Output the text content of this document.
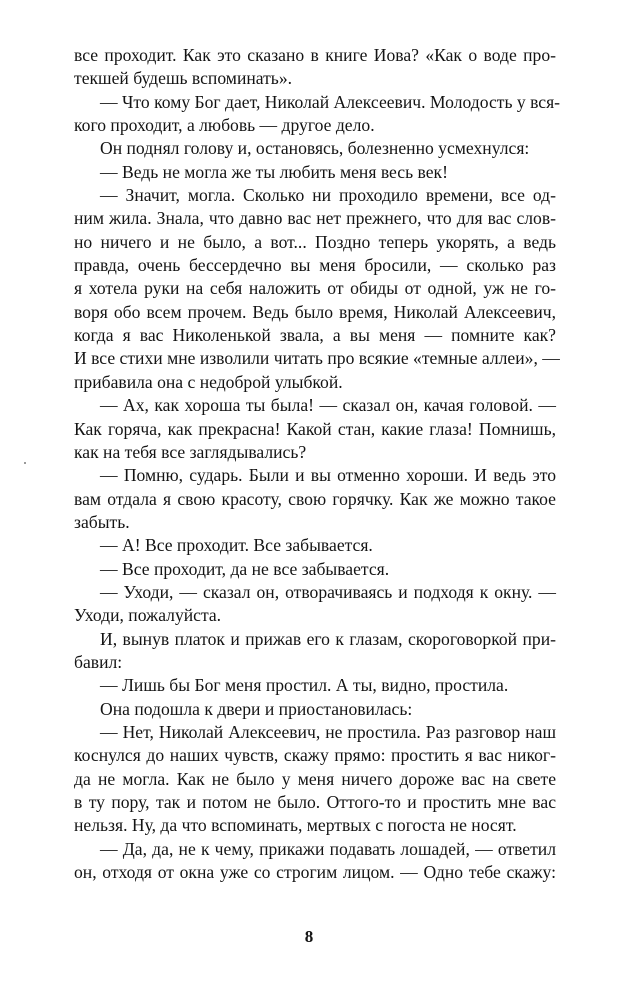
все проходит. Как это сказано в книге Иова? «Как о воде про-
текшей будешь вспоминать».
— Что кому Бог дает, Николай Алексеевич. Молодость у вся-
кого проходит, а любовь — другое дело.
Он поднял голову и, остановясь, болезненно усмехнулся:
— Ведь не могла же ты любить меня весь век!
— Значит, могла. Сколько ни проходило времени, все од-
ним жила. Знала, что давно вас нет прежнего, что для вас слов-
но ничего и не было, а вот... Поздно теперь укорять, а ведь
правда, очень бессердечно вы меня бросили, — сколько раз
я хотела руки на себя наложить от обиды от одной, уж не го-
воря обо всем прочем. Ведь было время, Николай Алексеевич,
когда я вас Николенькой звала, а вы меня — помните как?
И все стихи мне изволили читать про всякие «темные аллеи», —
прибавила она с недоброй улыбкой.
— Ах, как хороша ты была! — сказал он, качая головой. —
Как горяча, как прекрасна! Какой стан, какие глаза! Помнишь,
как на тебя все заглядывались?
— Помню, сударь. Были и вы отменно хороши. И ведь это
вам отдала я свою красоту, свою горячку. Как же можно такое
забыть.
— А! Все проходит. Все забывается.
— Все проходит, да не все забывается.
— Уходи, — сказал он, отворачиваясь и подходя к окну. —
Уходи, пожалуйста.
И, вынув платок и прижав его к глазам, скороговоркой при-
бавил:
— Лишь бы Бог меня простил. А ты, видно, простила.
Она подошла к двери и приостановилась:
— Нет, Николай Алексеевич, не простила. Раз разговор наш
коснулся до наших чувств, скажу прямо: простить я вас никог-
да не могла. Как не было у меня ничего дороже вас на свете
в ту пору, так и потом не было. Оттого-то и простить мне вас
нельзя. Ну, да что вспоминать, мертвых с погоста не носят.
— Да, да, не к чему, прикажи подавать лошадей, — ответил
он, отходя от окна уже со строгим лицом. — Одно тебе скажу:
8
